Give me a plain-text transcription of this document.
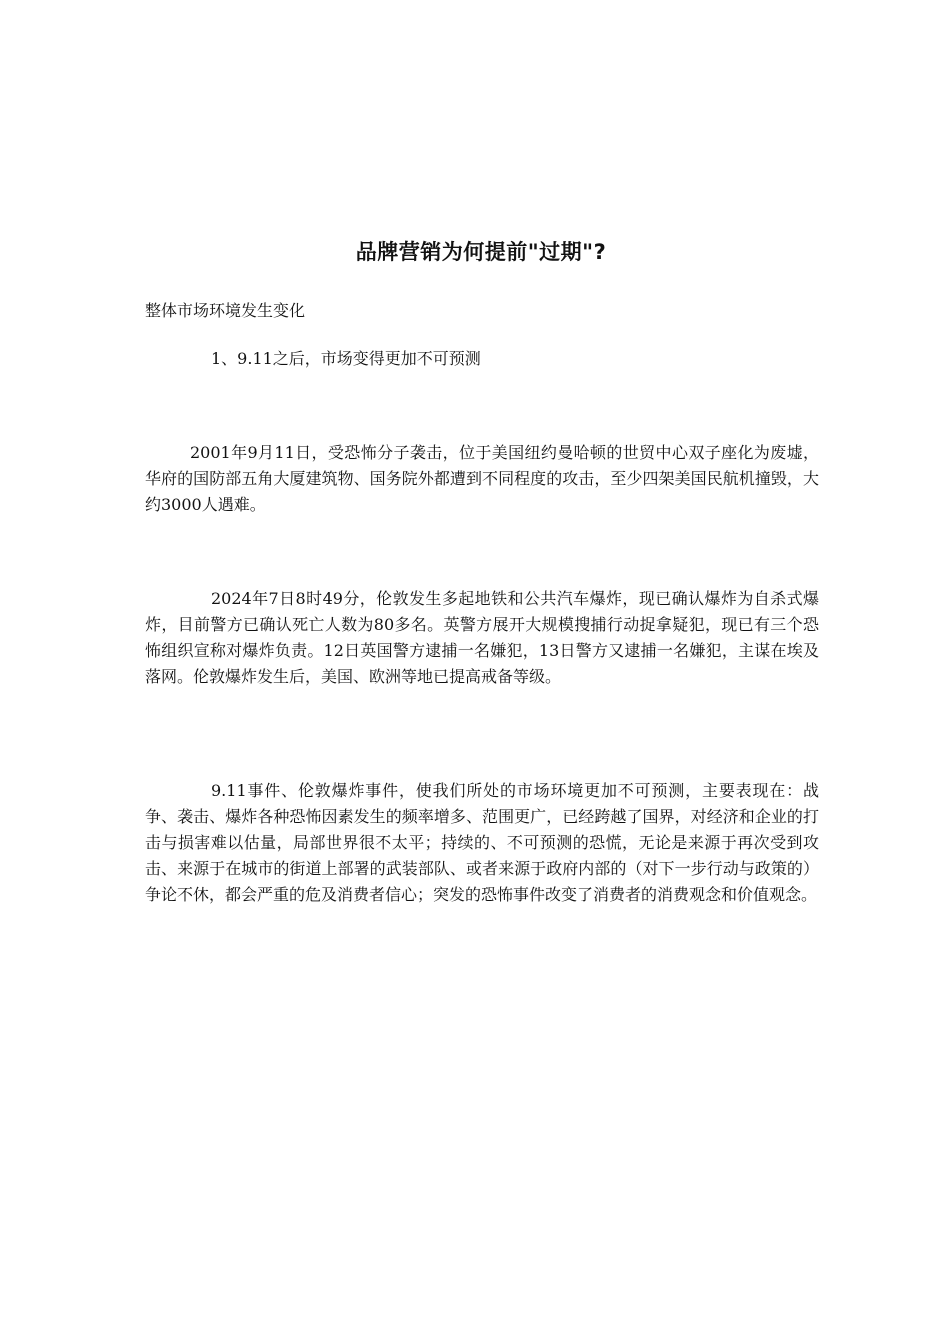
品牌营销为何提前"过期"?

整体市场环境发生变化

1、9.11之后，市场变得更加不可预测

2001年9月11日，受恐怖分子袭击，位于美国纽约曼哈顿的世贸中心双子座化为废墟，华府的国防部五角大厦建筑物、国务院外都遭到不同程度的攻击，至少四架美国民航机撞毁，大约3000人遇难。

2024年7日8时49分，伦敦发生多起地铁和公共汽车爆炸，现已确认爆炸为自杀式爆炸，目前警方已确认死亡人数为80多名。英警方展开大规模搜捕行动捉拿疑犯，现已有三个恐怖组织宣称对爆炸负责。12日英国警方逮捕一名嫌犯，13日警方又逮捕一名嫌犯，主谋在埃及落网。伦敦爆炸发生后，美国、欧洲等地已提高戒备等级。

9.11事件、伦敦爆炸事件，使我们所处的市场环境更加不可预测，主要表现在：战争、袭击、爆炸各种恐怖因素发生的频率增多、范围更广，已经跨越了国界，对经济和企业的打击与损害难以估量，局部世界很不太平；持续的、不可预测的恐慌，无论是来源于再次受到攻击、来源于在城市的街道上部署的武装部队、或者来源于政府内部的（对下一步行动与政策的）争论不休，都会严重的危及消费者信心；突发的恐怖事件改变了消费者的消费观念和价值观念。
